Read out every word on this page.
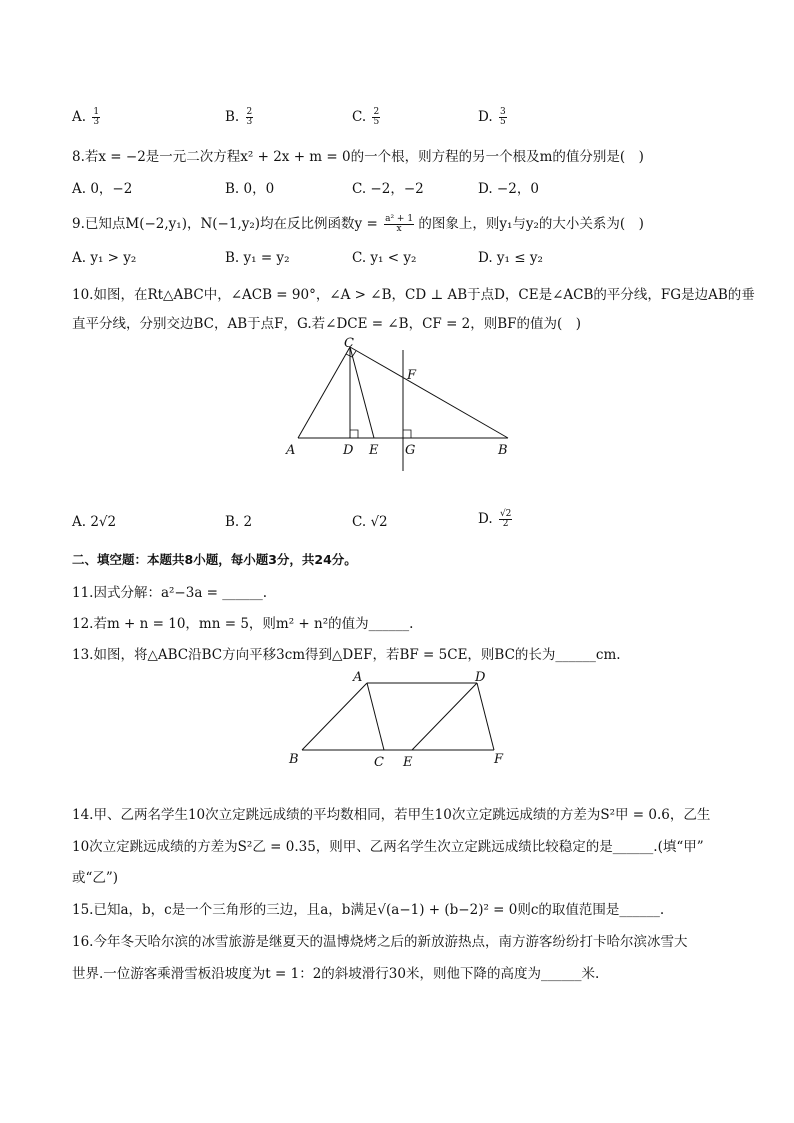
A. $\frac{1}{3}$	B. $\frac{2}{3}$	C. $\frac{2}{5}$	D. $\frac{3}{5}$
8.若x = −2是一元二次方程x² + 2x + m = 0的一个根，则方程的另一个根及m的值分别是(　)
A. 0，−2	B. 0，0	C. −2，−2	D. −2，0
9.已知点M(−2,y₁)，N(−1,y₂)均在反比例函数$y = \frac{\text{a² + 1}}{x}$ 的图象上，则y₁与y₂的大小关系为(　)
A. y₁ > y₂	B. y₁ = y₂	C. y₁ < y₂	D. y₁ ≤ y₂
10.如图，在Rt△ABC中，∠ACB = 90°，∠A > ∠B，CD ⊥ AB于点D，CE是∠ACB的平分线，FG是边AB的垂
直平分线，分别交边BC，AB于点F，G.若∠DCE = ∠B，CF = 2，则BF的值为(　)
C
A	D E G	B
F
A. 2√2	B. 2	C. √2	D. $\frac{√2}{2}$
二、填空题：本题共8小题，每小题3分，共24分。
11.因式分解：a²−3a = ______.
12.若m + n = 10，mn = 5，则m² + n²的值为______.
13.如图，将△ABC沿BC方向平移3cm得到△DEF，若BF = 5CE，则BC的长为______cm.
A	D
B	C E	F
14.甲、乙两名学生10次立定跳远成绩的平均数相同，若甲生10次立定跳远成绩的方差为S²甲 = 0.6，乙生
10次立定跳远成绩的方差为S²乙 = 0.35，则甲、乙两名学生次立定跳远成绩比较稳定的是______.(填“甲”
或“乙”)
15.已知a，b，c是一个三角形的三边，且a，b满足√(a−1) + (b−2)² = 0则c的取值范围是______.
16.今年冬天哈尔滨的冰雪旅游是继夏天的温博烧烤之后的新放游热点，南方游客纷纷打卡哈尔滨冰雪大
世界.一位游客乘滑雪板沿坡度为t = 1：2的斜坡滑行30米，则他下降的高度为______米.
